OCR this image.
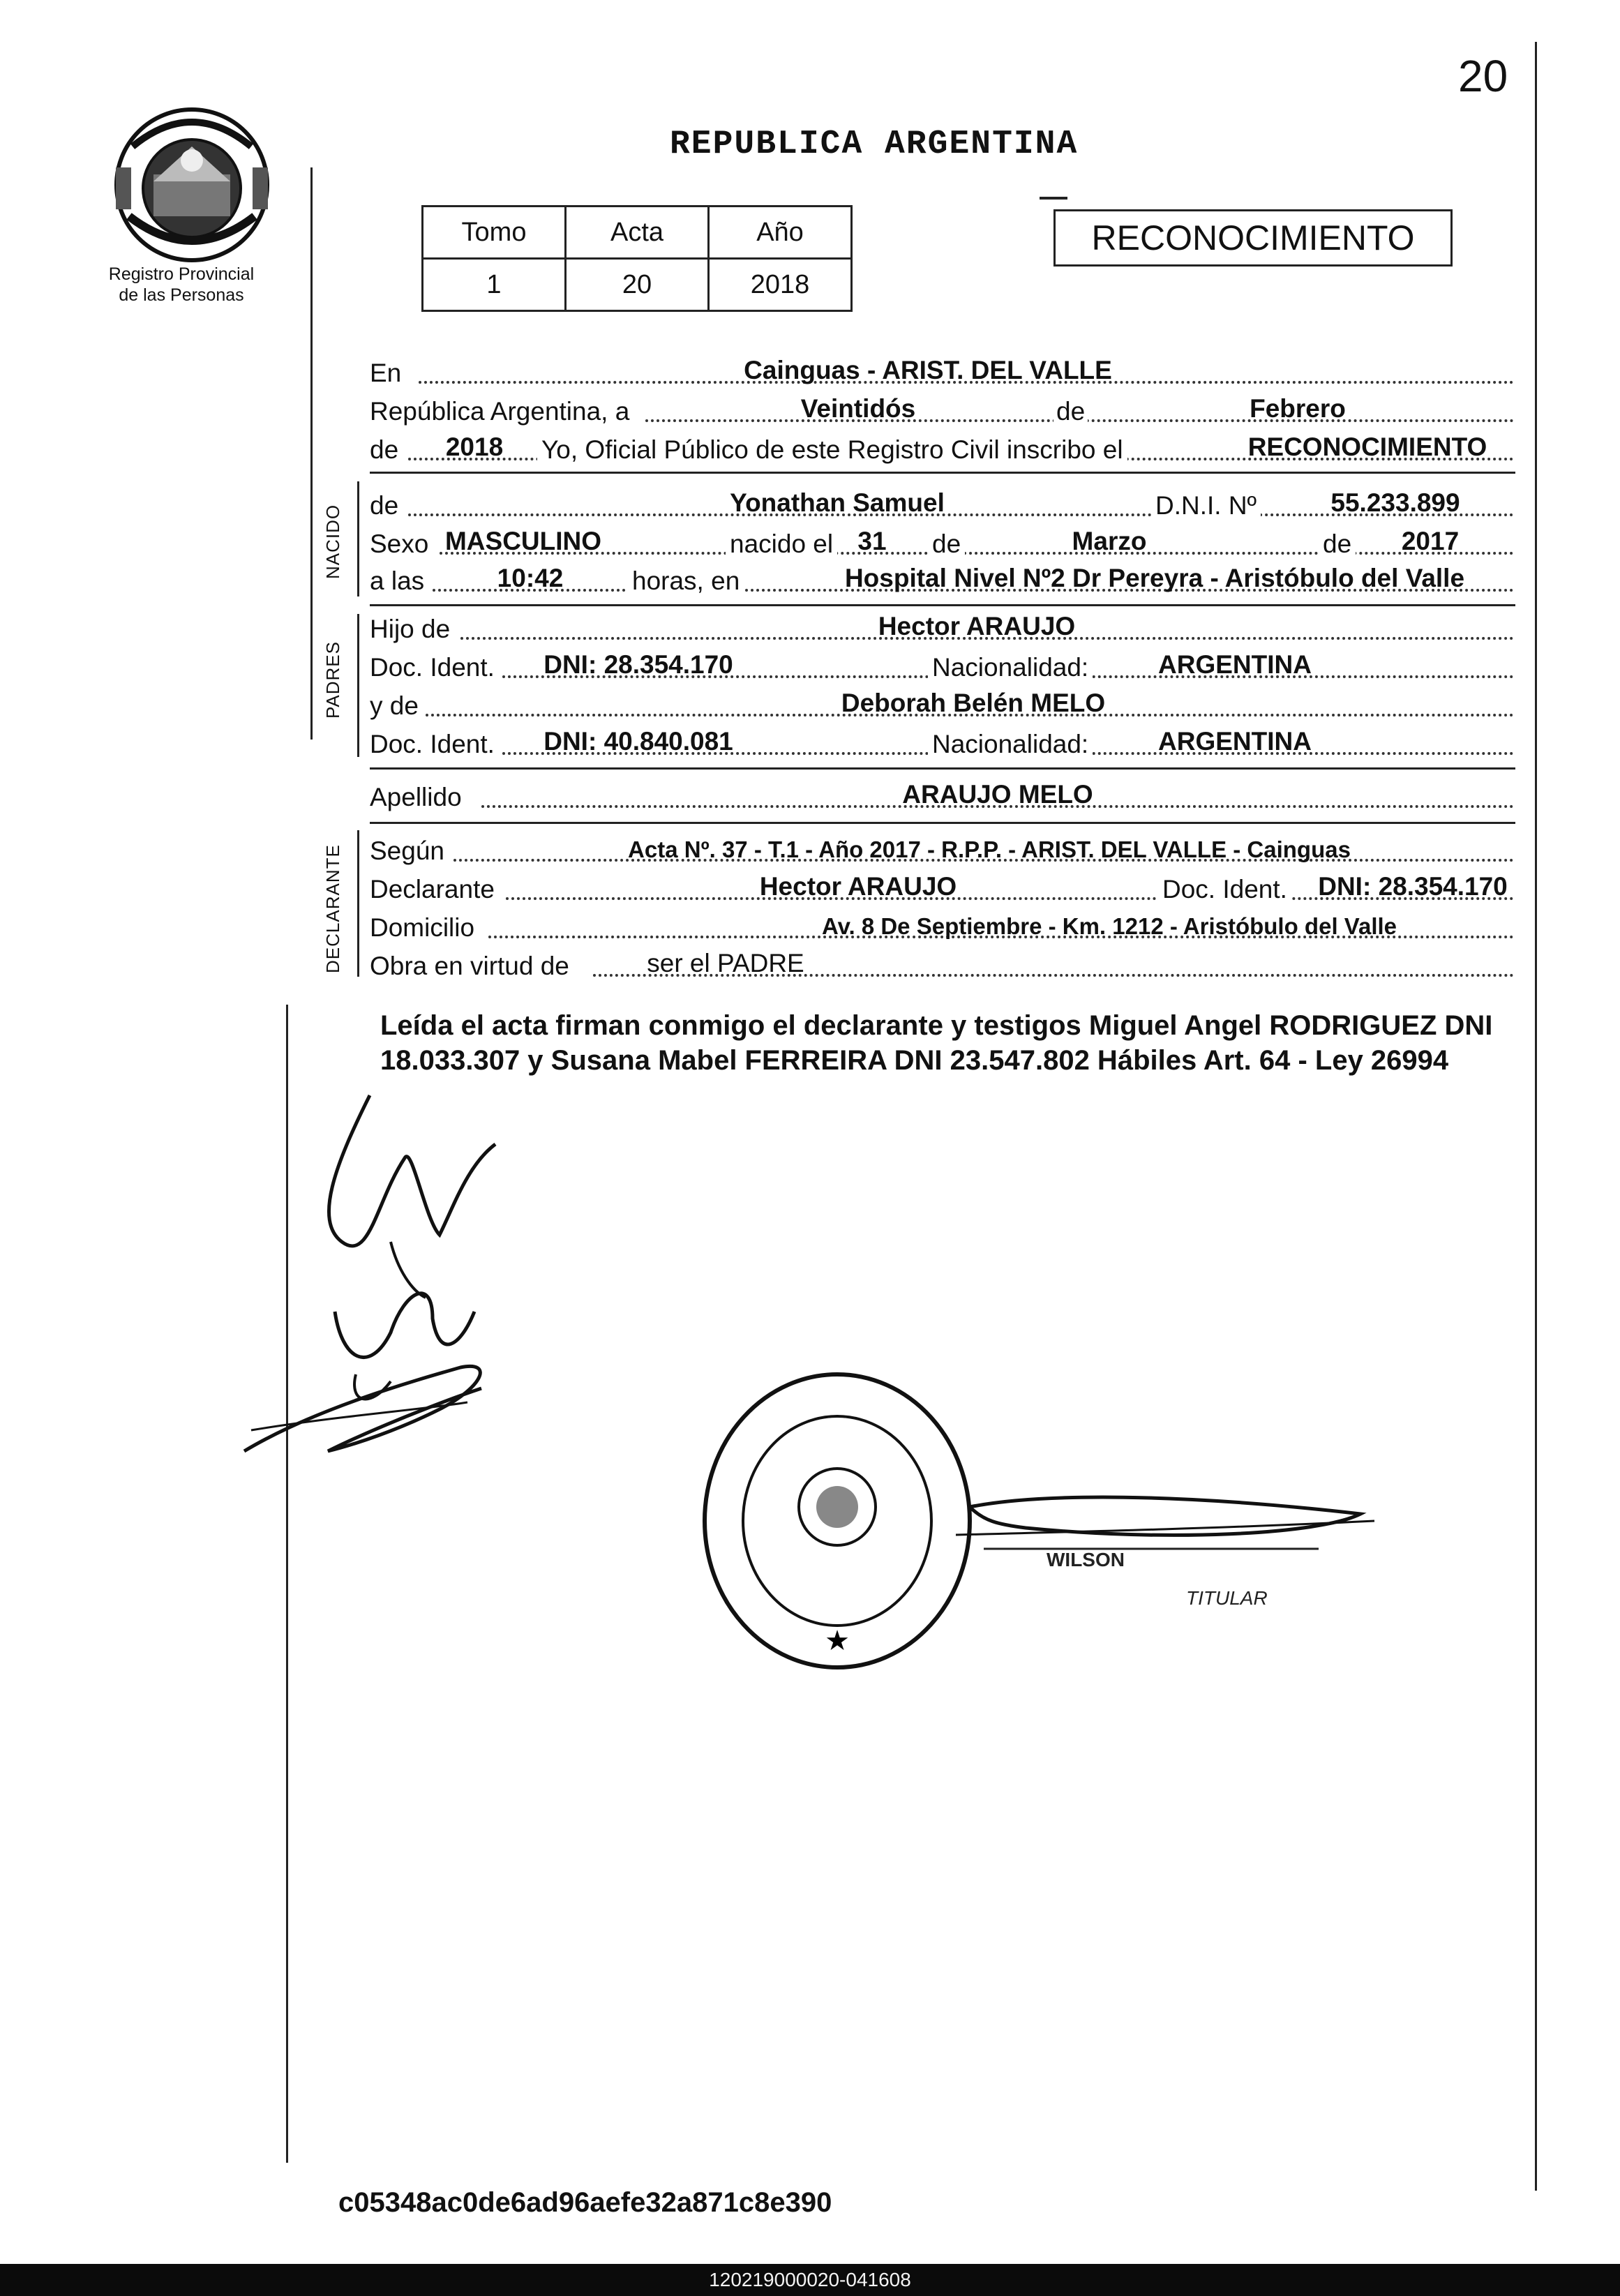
20
Registro Provincial
de las Personas
REPUBLICA ARGENTINA
Tomo	Acta	Año
1	20	2018
RECONOCIMIENTO
En	Cainguas - ARIST. DEL VALLE
República Argentina, a	Veintidós	de	Febrero
de 2018 Yo, Oficial Público de este Registro Civil inscribo el	RECONOCIMIENTO
NACIDO de	Yonathan Samuel	D.N.I. Nº	55.233.899
Sexo MASCULINO	nacido el 31 de	Marzo	de 2017
a las	10:42	horas, en	Hospital Nivel Nº2 Dr Pereyra - Aristóbulo del Valle
PADRES
Hijo de	Hector ARAUJO
Doc. Ident. DNI: 28.354.170	Nacionalidad:	ARGENTINA
y de	Deborah Belén MELO
Doc. Ident. DNI: 40.840.081	Nacionalidad:	ARGENTINA
Apellido	ARAUJO MELO
DECLARANTE Según	Acta Nº. 37 - T.1 - Año 2017 - R.P.P. - ARIST. DEL VALLE - Cainguas
Declarante	Hector ARAUJO	Doc. Ident. DNI: 28.354.170
Domicilio	Av. 8 De Septiembre - Km. 1212 - Aristóbulo del Valle
Obra en virtud de	ser el PADRE
Leída el acta firman conmigo el declarante y testigos Miguel Angel RODRIGUEZ DNI 18.033.307 y Susana Mabel FERREIRA DNI 23.547.802 Hábiles Art. 64 - Ley 26994
★
WILSON
TITULAR
c05348ac0de6ad96aefe32a871c8e390
120219000020-041608
